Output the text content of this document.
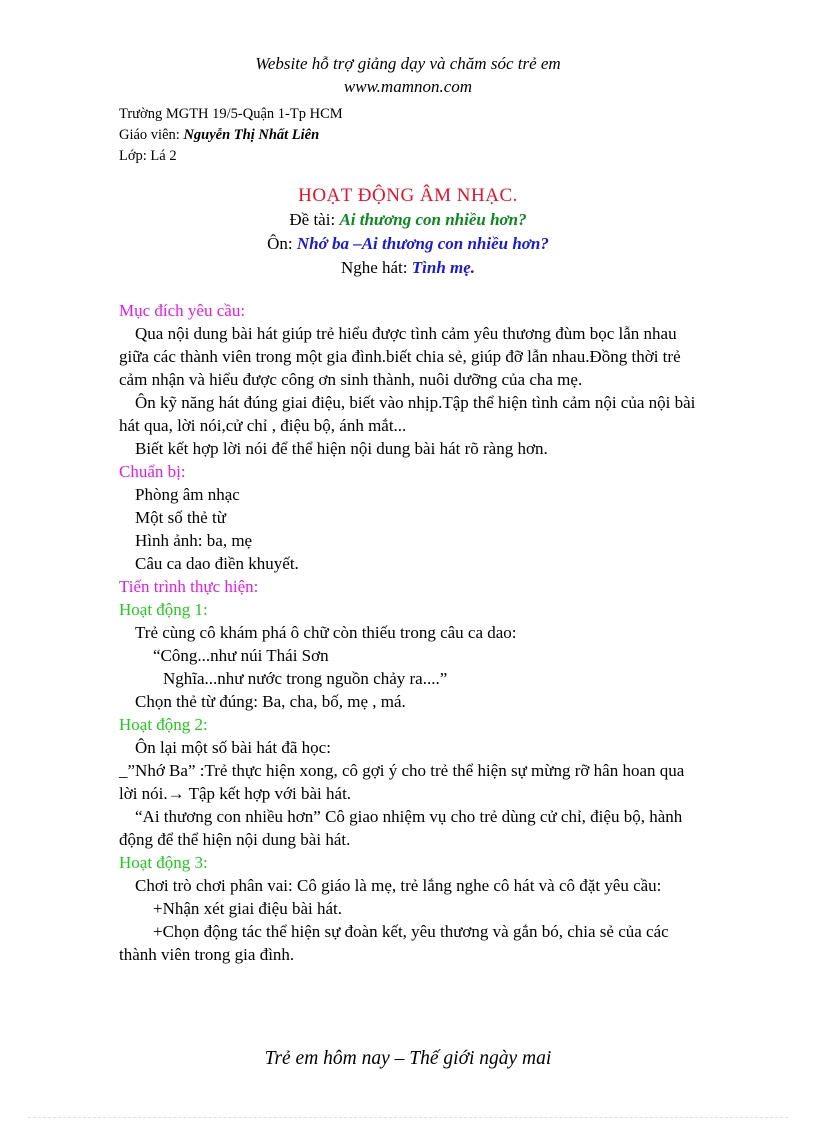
Website hỗ trợ giảng dạy và chăm sóc trẻ em
www.mamnon.com
Trường MGTH 19/5-Quận 1-Tp HCM
Giáo viên: Nguyễn Thị Nhất Liên
Lớp: Lá 2
HOẠT ĐỘNG ÂM NHẠC.
Đề tài: Ai thương con nhiều hơn?
Ôn: Nhớ ba –Ai thương con nhiều hơn?
Nghe hát: Tình mẹ.

Mục đích yêu cầu:

Qua nội dung bài hát giúp trẻ hiểu được tình cảm yêu thương đùm bọc lẫn nhau giữa các thành viên trong một gia đình.biết chia sẻ, giúp đỡ lẫn nhau.Đồng thời trẻ cảm nhận và hiểu được công ơn sinh thành, nuôi dưỡng của cha mẹ.

Ôn kỹ năng hát đúng giai điệu, biết vào nhịp.Tập thể hiện tình cảm nội của nội bài hát qua, lời nói,cử chỉ , điệu bộ, ánh mắt...

Biết kết hợp lời nói để thể hiện nội dung bài hát rõ ràng hơn.

Chuẩn bị:

Phòng âm nhạc

Một số thẻ từ

Hình ảnh: ba, mẹ

Câu ca dao điền khuyết.

Tiến trình thực hiện:

Hoạt động 1:

Trẻ cùng cô khám phá ô chữ còn thiếu trong câu ca dao:

“Công...như núi Thái Sơn

Nghĩa...như nước trong nguồn chảy ra....”

Chọn thẻ từ đúng: Ba, cha, bố, mẹ , má.

Hoạt động 2:

Ôn lại một số bài hát đã học:

_”Nhớ Ba” :Trẻ thực hiện xong, cô gợi ý cho trẻ thể hiện sự mừng rỡ hân hoan qua lời nói.→ Tập kết hợp với bài hát.

“Ai thương con nhiều hơn” Cô giao nhiệm vụ cho trẻ dùng cử chỉ, điệu bộ, hành động để thể hiện nội dung bài hát.

Hoạt động 3:

Chơi trò chơi phân vai: Cô giáo là mẹ, trẻ lắng nghe cô hát và cô đặt yêu cầu:

+Nhận xét giai điệu bài hát.

+Chọn động tác thể hiện sự đoàn kết, yêu thương và gắn bó, chia sẻ của các thành viên trong gia đình.

Trẻ em hôm nay – Thế giới ngày mai
